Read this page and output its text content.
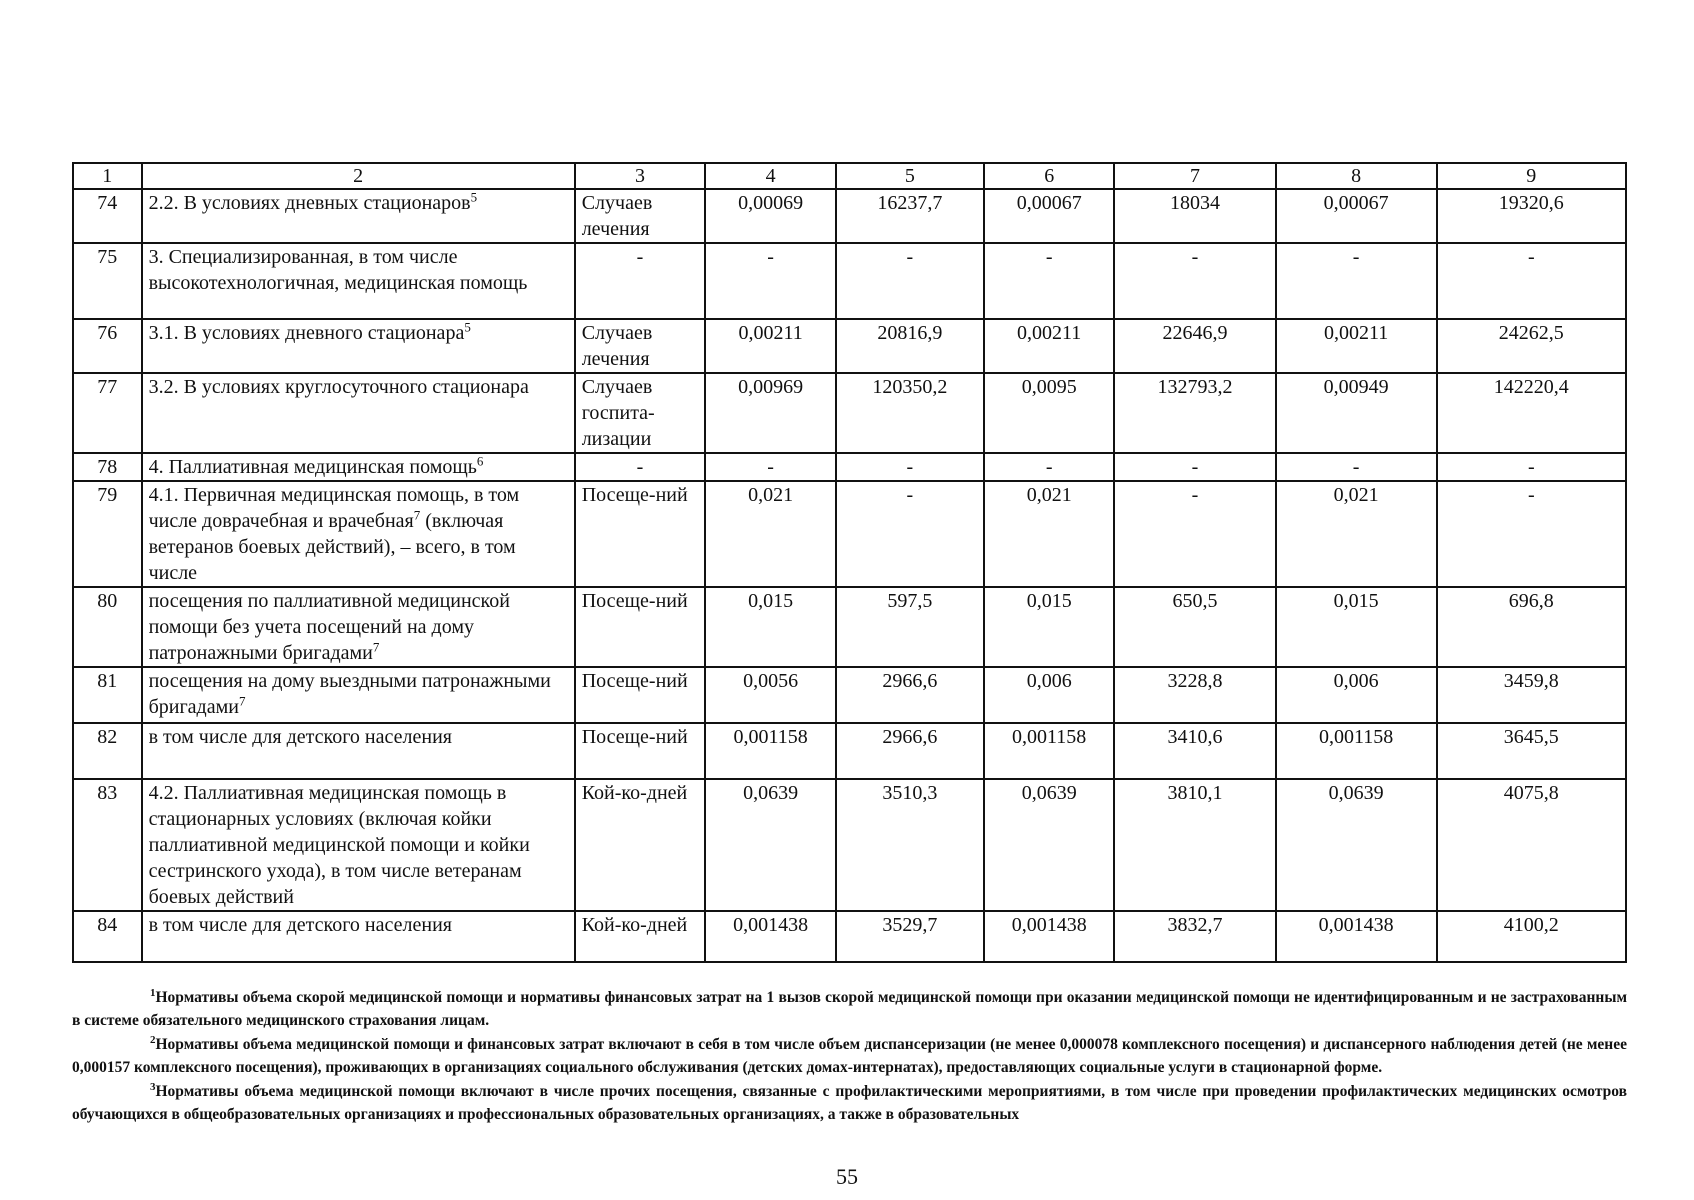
1	2	3	4	5	6	7	8	9
74	2.2. В условиях дневных стационаров$^5$	Случаев лечения	0,00069	16237,7	0,00067	18034	0,00067	19320,6
75	3. Специализированная, в том числе высокотехнологичная, медицинская помощь	-	-	-	-	-	-	-
76	3.1. В условиях дневного стационара$^5$	Случаев лечения	0,00211	20816,9	0,00211	22646,9	0,00211	24262,5
77	3.2. В условиях круглосуточного стационара	Случаев госпита-лизации	0,00969	120350,2	0,0095	132793,2	0,00949	142220,4
78	4. Паллиативная медицинская помощь$^6$	-	-	-	-	-	-	-
79	4.1. Первичная медицинская помощь, в том числе доврачебная и врачебная$^7$ (включая ветеранов боевых действий), – всего, в том числе	Посеще-ний	0,021	-	0,021	-	0,021	-
80	посещения по паллиативной медицинской помощи без учета посещений на дому патронажными бригадами$^7$	Посеще-ний	0,015	597,5	0,015	650,5	0,015	696,8
81	посещения на дому выездными патронажными бригадами$^7$	Посеще-ний	0,0056	2966,6	0,006	3228,8	0,006	3459,8
82	в том числе для детского населения	Посеще-ний	0,001158	2966,6	0,001158	3410,6	0,001158	3645,5
83	4.2. Паллиативная медицинская помощь в стационарных условиях (включая койки паллиативной медицинской помощи и койки сестринского ухода), в том числе ветеранам боевых действий	Кой-ко-дней	0,0639	3510,3	0,0639	3810,1	0,0639	4075,8
84	в том числе для детского населения	Кой-ко-дней	0,001438	3529,7	0,001438	3832,7	0,001438	4100,2

$^1$Нормативы объема скорой медицинской помощи и нормативы финансовых затрат на 1 вызов скорой медицинской помощи при оказании медицинской помощи не идентифицированным и не застрахованным в системе обязательного медицинского страхования лицам.

$^2$Нормативы объема медицинской помощи и финансовых затрат включают в себя в том числе объем диспансеризации (не менее 0,000078 комплексного посещения) и диспансерного наблюдения детей (не менее 0,000157 комплексного посещения), проживающих в организациях социального обслуживания (детских домах-интернатах), предоставляющих социальные услуги в стационарной форме.

$^3$Нормативы объема медицинской помощи включают в числе прочих посещения, связанные с профилактическими мероприятиями, в том числе при проведении профилактических медицинских осмотров обучающихся в общеобразовательных организациях и профессиональных образовательных организациях, а также в образовательных

55
